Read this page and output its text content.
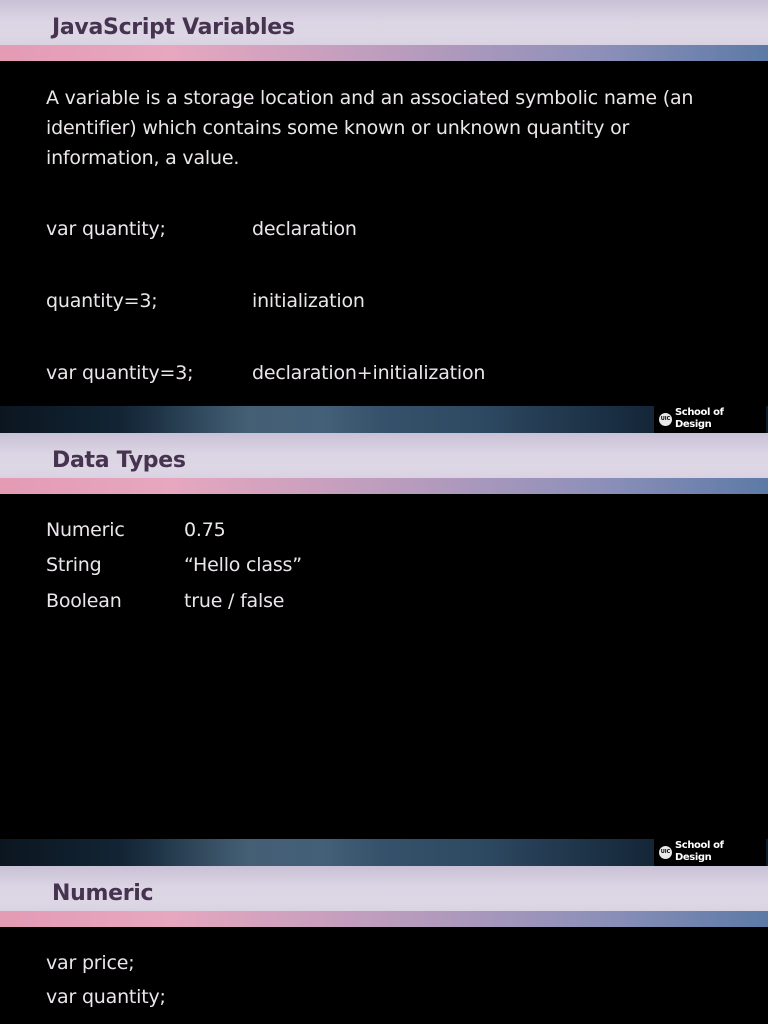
JavaScript Variables
A variable is a storage location and an associated symbolic name (an identifier) which contains some known or unknown quantity or information, a value.
var quantity;	declaration
quantity=3;	initialization
var quantity=3;	declaration+initialization
UIC
School of
Design
Data Types
Numeric	0.75
String	“Hello class”
Boolean	true / false
UIC
School of
Design
Numeric
var price;
var quantity;
